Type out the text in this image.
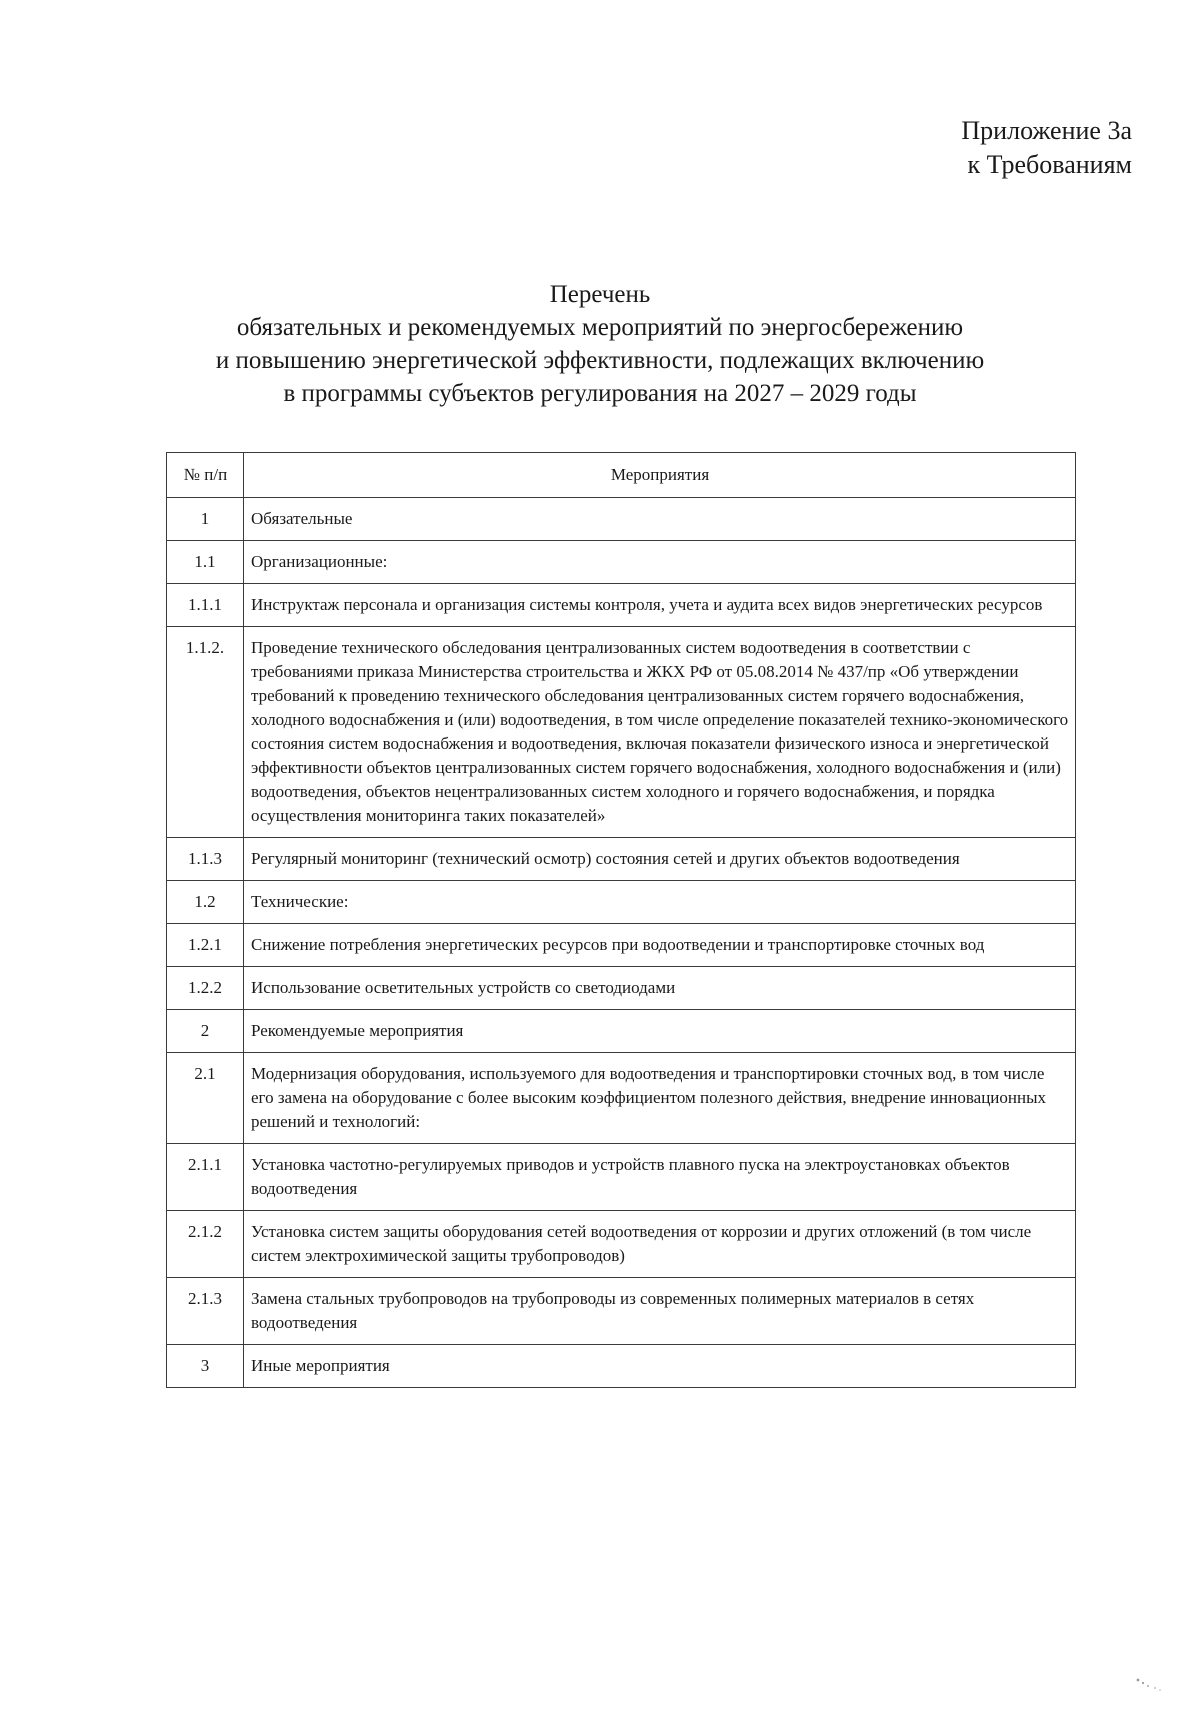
Приложение 3а
к Требованиям
Перечень
обязательных и рекомендуемых мероприятий по энергосбережению
и повышению энергетической эффективности, подлежащих включению
в программы субъектов регулирования на 2027 – 2029 годы
№ п/п	Мероприятия
1	Обязательные
1.1	Организационные:
1.1.1	Инструктаж персонала и организация системы контроля, учета и аудита всех видов энергетических ресурсов
1.1.2.	Проведение технического обследования централизованных систем водоотведения в соответствии с требованиями приказа Министерства строительства и ЖКХ РФ от 05.08.2014 № 437/пр «Об утверждении требований к проведению технического обследования централизованных систем горячего водоснабжения, холодного водоснабжения и (или) водоотведения, в том числе определение показателей технико-экономического состояния систем водоснабжения и водоотведения, включая показатели физического износа и энергетической эффективности объектов централизованных систем горячего водоснабжения, холодного водоснабжения и (или) водоотведения, объектов нецентрализованных систем холодного и горячего водоснабжения, и порядка осуществления мониторинга таких показателей»
1.1.3	Регулярный мониторинг (технический осмотр) состояния сетей и других объектов водоотведения
1.2	Технические:
1.2.1	Снижение потребления энергетических ресурсов при водоотведении и транспортировке сточных вод
1.2.2	Использование осветительных устройств со светодиодами
2	Рекомендуемые мероприятия
2.1	Модернизация оборудования, используемого для водоотведения и транспортировки сточных вод, в том числе его замена на оборудование с более высоким коэффициентом полезного действия, внедрение инновационных решений и технологий:
2.1.1	Установка частотно-регулируемых приводов и устройств плавного пуска на электроустановках объектов водоотведения
2.1.2	Установка систем защиты оборудования сетей водоотведения от коррозии и других отложений (в том числе систем электрохимической защиты трубопроводов)
2.1.3	Замена стальных трубопроводов на трубопроводы из современных полимерных материалов в сетях водоотведения
3	Иные мероприятия
